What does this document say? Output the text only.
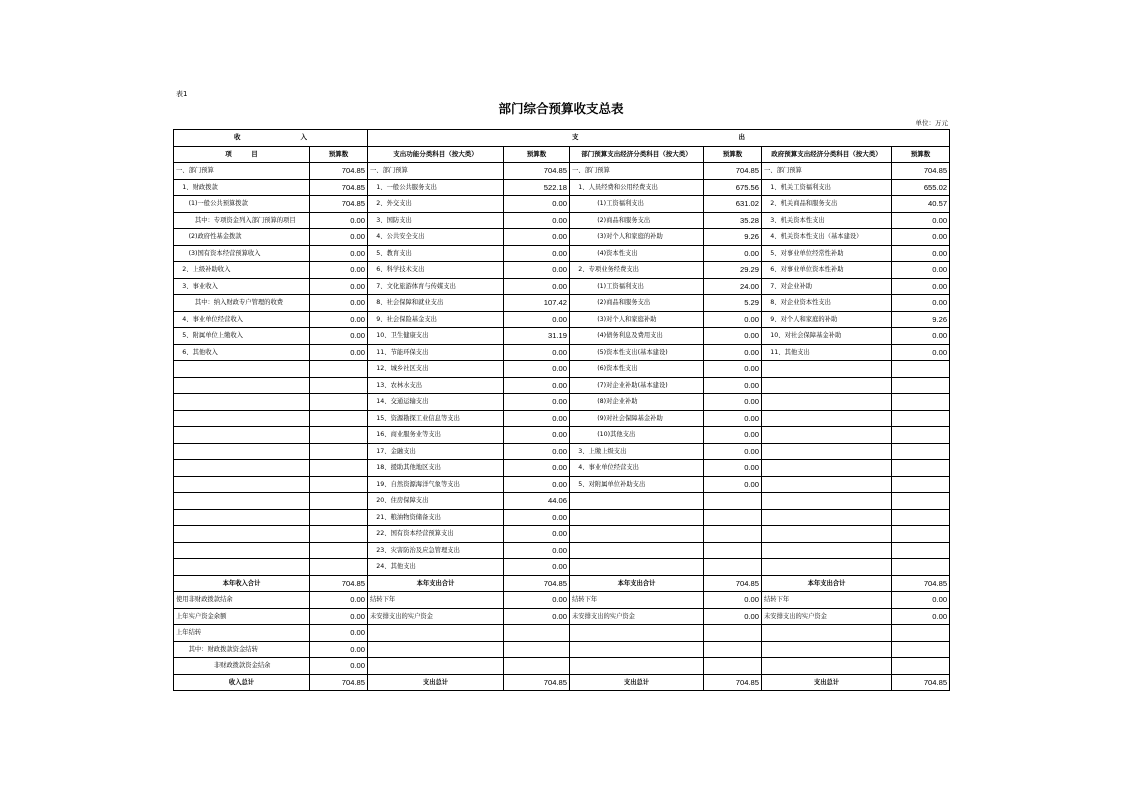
表1
部门综合预算收支总表
单位：万元
收 入		支 出					
项　　　目	预算数	支出功能分类科目（按大类）	预算数	部门预算支出经济分类科目（按大类）	预算数	政府预算支出经济分类科目（按大类）	预算数
一、部门预算	704.85	一、部门预算	704.85	一、部门预算	704.85	一、部门预算	704.85
　1、财政拨款	704.85	　1、一般公共服务支出	522.18	　1、人员经费和公用经费支出	675.56	　1、机关工资福利支出	655.02
　　(1)一般公共预算拨款	704.85	　2、外交支出	0.00	　　　　(1)工资福利支出	631.02	　2、机关商品和服务支出	40.57
　　　其中：专项资金列入部门预算的项目	0.00	　3、国防支出	0.00	　　　　(2)商品和服务支出	35.28	　3、机关资本性支出	0.00
　　(2)政府性基金拨款	0.00	　4、公共安全支出	0.00	　　　　(3)对个人和家庭的补助	9.26	　4、机关资本性支出（基本建设）	0.00
　　(3)国有资本经营预算收入	0.00	　5、教育支出	0.00	　　　　(4)资本性支出	0.00	　5、对事业单位经常性补助	0.00
　2、上级补助收入	0.00	　6、科学技术支出	0.00	　2、专项业务经费支出	29.29	　6、对事业单位资本性补助	0.00
　3、事业收入	0.00	　7、文化旅游体育与传媒支出	0.00	　　　　(1)工资福利支出	24.00	　7、对企业补助	0.00
　　　其中：纳入财政专户管理的收费	0.00	　8、社会保障和就业支出	107.42	　　　　(2)商品和服务支出	5.29	　8、对企业资本性支出	0.00
　4、事业单位经营收入	0.00	　9、社会保险基金支出	0.00	　　　　(3)对个人和家庭补助	0.00	　9、对个人和家庭的补助	9.26
　5、附属单位上缴收入	0.00	　10、卫生健康支出	31.19	　　　　(4)债务利息及费用支出	0.00	　10、对社会保障基金补助	0.00
　6、其他收入	0.00	　11、节能环保支出	0.00	　　　　(5)资本性支出(基本建设)	0.00	　11、其他支出	0.00
		　12、城乡社区支出	0.00	　　　　(6)资本性支出	0.00		
		　13、农林水支出	0.00	　　　　(7)对企业补助(基本建设)	0.00		
		　14、交通运输支出	0.00	　　　　(8)对企业补助	0.00		
		　15、资源勘探工业信息等支出	0.00	　　　　(9)对社会保障基金补助	0.00		
		　16、商业服务业等支出	0.00	　　　　(10)其他支出	0.00		
		　17、金融支出	0.00	　3、上缴上级支出	0.00		
		　18、援助其他地区支出	0.00	　4、事业单位经营支出	0.00		
		　19、自然资源海洋气象等支出	0.00	　5、对附属单位补助支出	0.00		
		　20、住房保障支出	44.06				
		　21、粮油物资储备支出	0.00				
		　22、国有资本经营预算支出	0.00				
		　23、灾害防治及应急管理支出	0.00				
		　24、其他支出	0.00				
本年收入合计	704.85	本年支出合计	704.85	本年支出合计	704.85	本年支出合计	704.85
使用非财政拨款结余	0.00	结转下年	0.00	结转下年	0.00	结转下年	0.00
上年实户资金余额	0.00	未安排支出的实户资金	0.00	未安排支出的实户资金	0.00	未安排支出的实户资金	0.00
上年结转	0.00						
　　其中：财政拨款资金结转	0.00						
　　　　　　非财政拨款资金结余	0.00						
收入总计	704.85	支出总计	704.85	支出总计	704.85	支出总计	704.85
